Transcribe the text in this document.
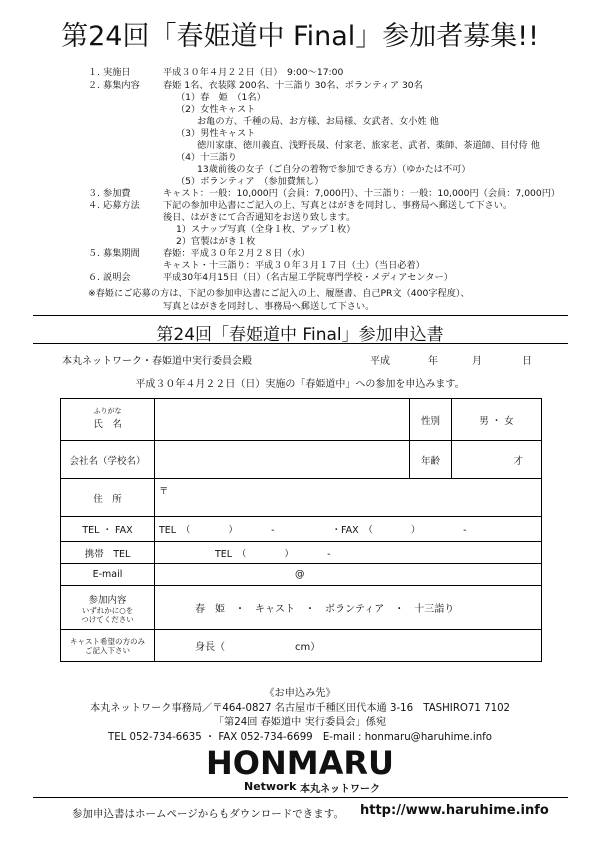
第24回「春姫道中 Final」参加者募集!!
１. 実施日	平成３０年４月２２日（日）　9:00〜17:00
２. 募集内容	春姫 1名、衣装隊 200名、十三詣り 30名、ボランティア 30名
（1）春　姫　（1名）
（2）女性キャスト
お亀の方、千種の局、お方様、お局様、女武者、女小姓 他
（3）男性キャスト
徳川家康、徳川義直、浅野長晟、付家老、旅家老、武者、薬師、茶道師、目付侍 他
（4）十三詣り
13歳前後の女子（ご自分の着物で参加できる方）（ゆかたは不可）
（5）ボランティア　（参加費無し）
３. 参加費	キャスト：一般：10,000円（会員：7,000円）、十三詣り：一般：10,000円（会員：7,000円）
４. 応募方法	下記の参加申込書にご記入の上、写真とはがきを同封し、事務局へ郵送して下さい。
後日、はがきにて合否通知をお送り致します。
1）スナップ写真（全身１枚、アップ１枚）
2）官製はがき１枚
５. 募集期間	春姫：平成３０年２月２８日（水）
キャスト・十三詣り：平成３０年３月１７日（土）（当日必着）
６. 説明会	平成30年4月15日（日）（名古屋工学院専門学校・メディアセンター）
※春姫にご応募の方は、下記の参加申込書にご記入の上、履歴書、自己PR文（400字程度）、
写真とはがきを同封し、事務局へ郵送して下さい。
第24回「春姫道中 Final」参加申込書
本丸ネットワーク・春姫道中実行委員会殿	平成	年	月	日
平成３０年４月２２日（日）実施の「春姫道中」への参加を申込みます。
ふりがな
氏　名		性別	男 ・ 女
会社名（学校名）		年齢	才
住　所	〒		
TEL ・ FAX	TEL　（　　　　）　　　　-　　　　　　・FAX　（　　　　）　　　　　-		
携帯　TEL	TEL　（　　　　）　　　　-		
E-mail	@		
参加内容
いずれかに○を
つけてください	春　姫　・　キャスト　・　ボランティア　・　十三詣り		

キャスト希望の方のみ
ご記入下さい	身長（　　　　　　　cm）		
《お申込み先》
本丸ネットワーク事務局／〒464-0827 名古屋市千種区田代本通 3-16　TASHIRO71 7102
「第24回 春姫道中 実行委員会」係宛
TEL 052-734-6635 ・ FAX 052-734-6699　E-mail : honmaru@haruhime.info
HONMARU
Network 本丸ネットワーク
参加申込書はホームページからもダウンロードできます。 http://www.haruhime.info
